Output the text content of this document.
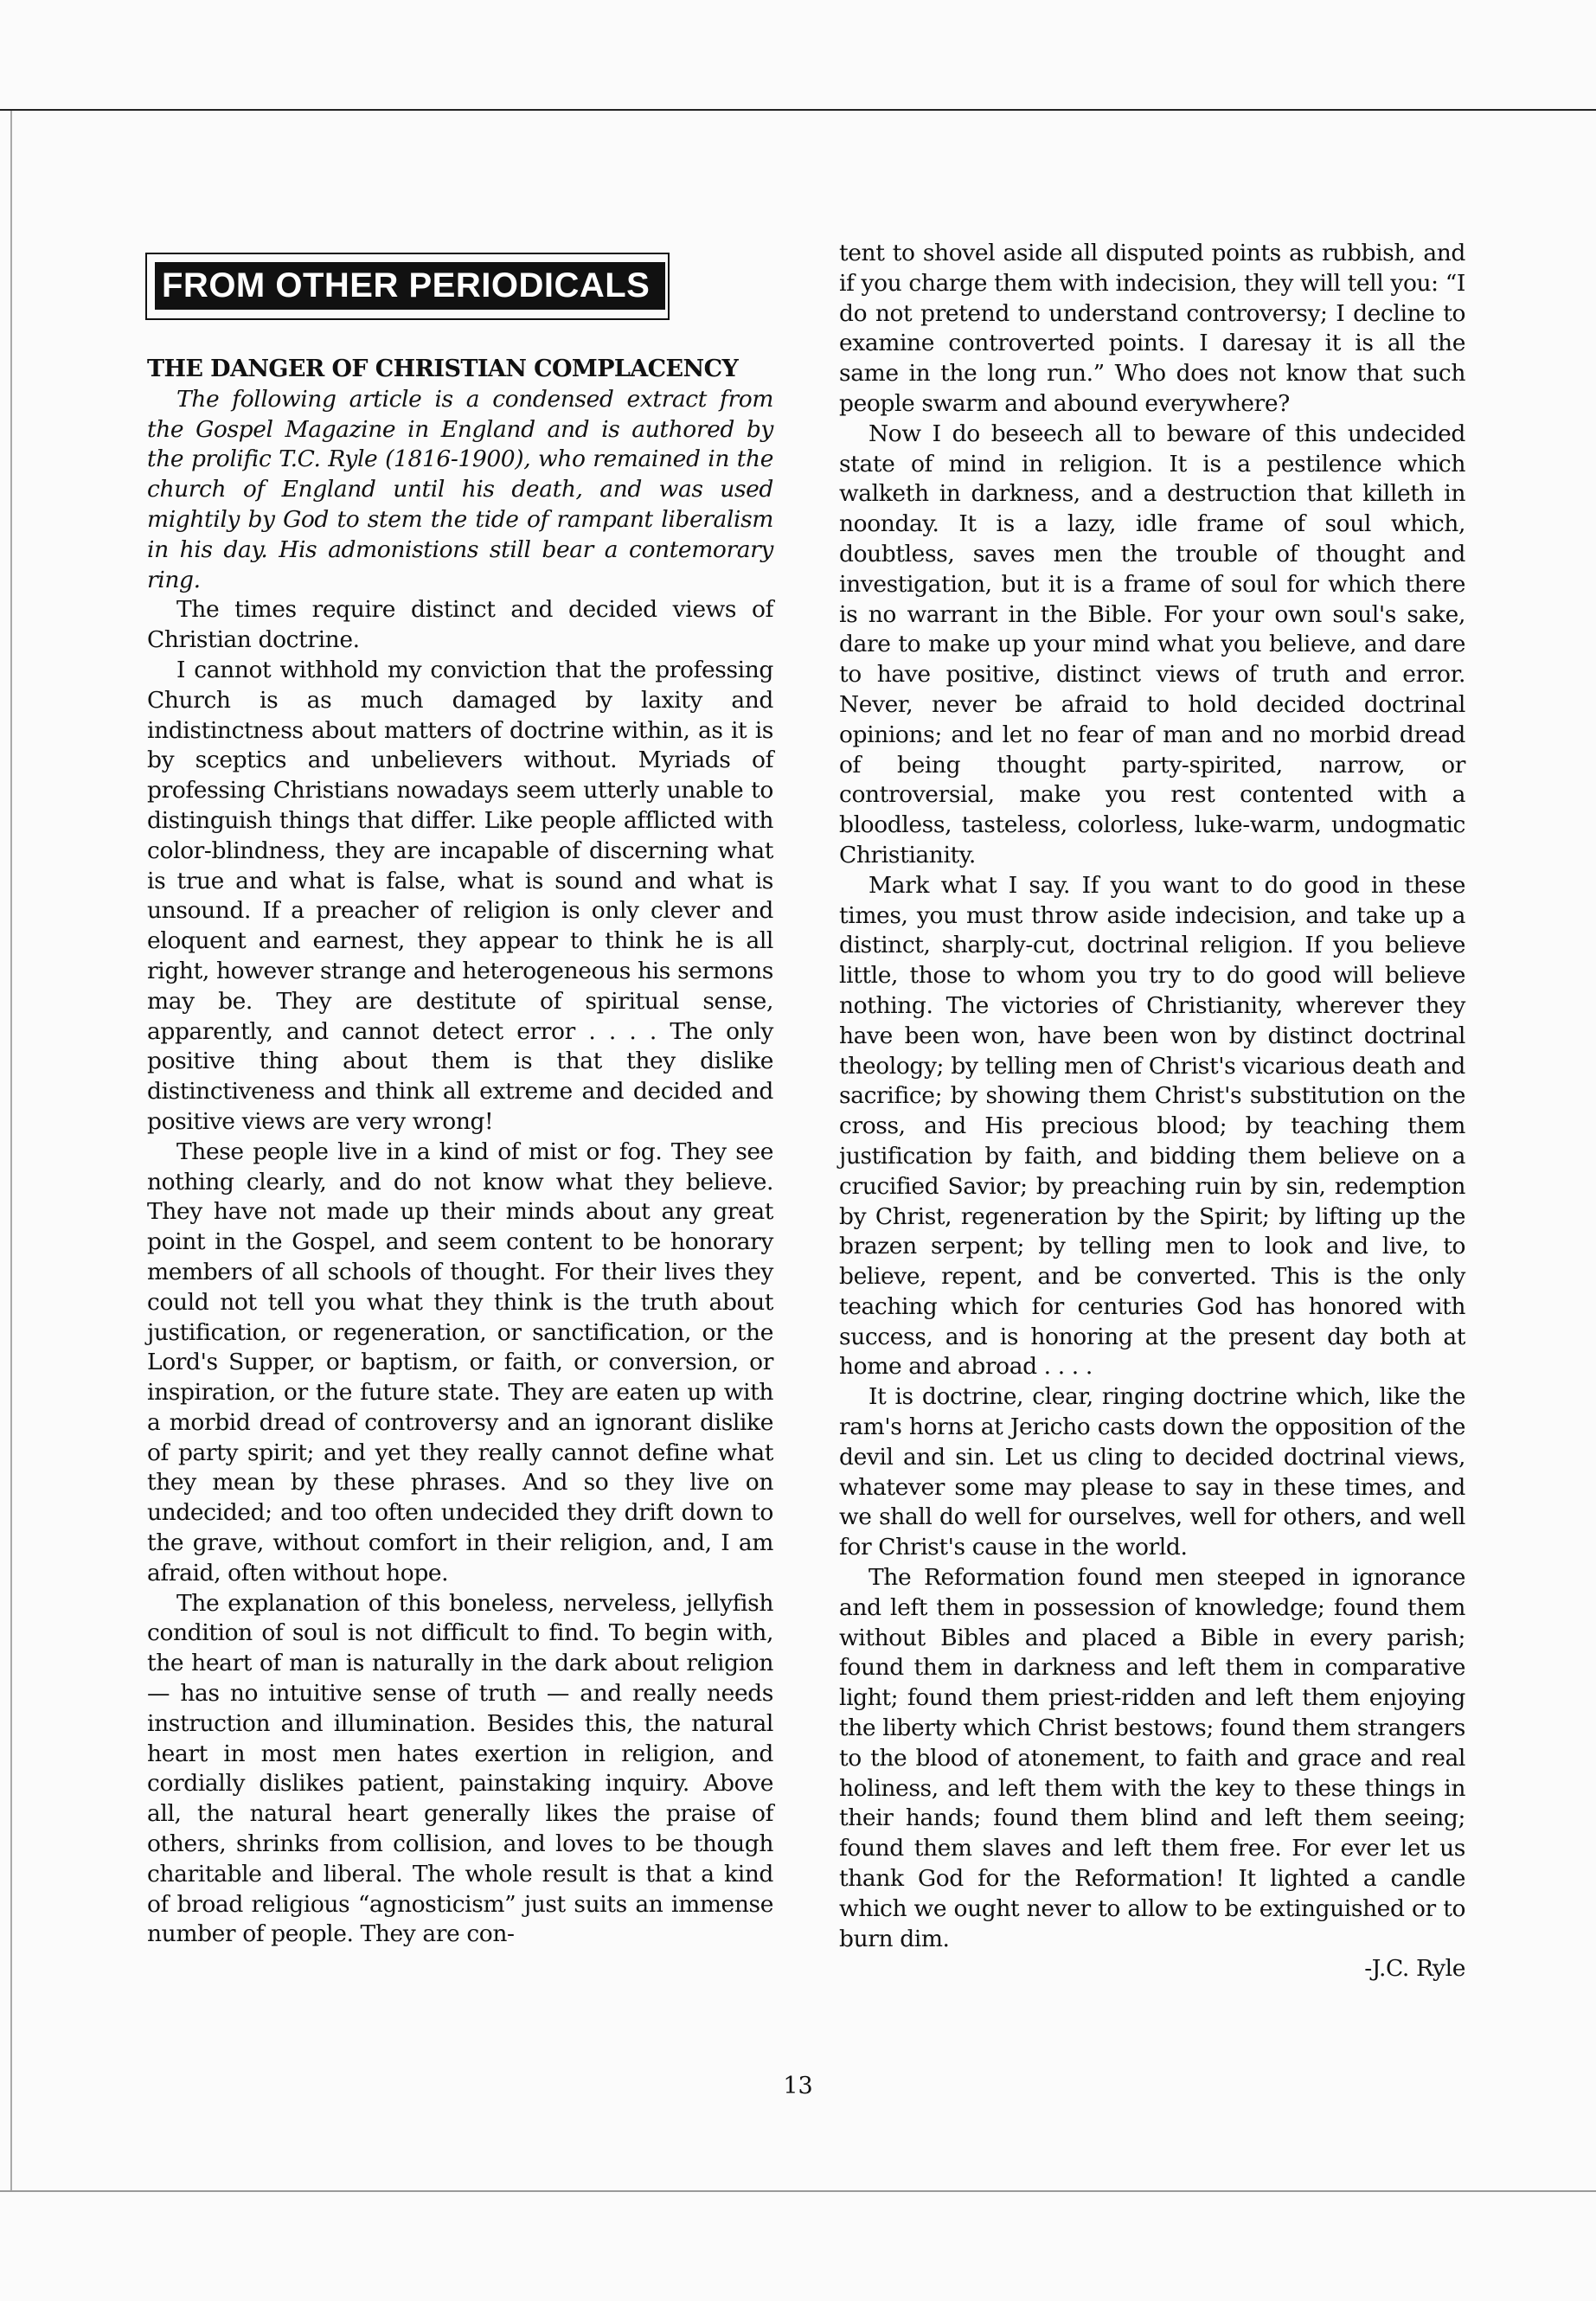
FROM OTHER PERIODICALS
THE DANGER OF CHRISTIAN COMPLACENCY

The following article is a condensed extract from the Gospel Magazine in England and is authored by the prolific T.C. Ryle (1816-1900), who remained in the church of England until his death, and was used mightily by God to stem the tide of rampant liberalism in his day. His admonistions still bear a contemorary ring.

The times require distinct and decided views of Christian doctrine.

I cannot withhold my conviction that the professing Church is as much damaged by laxity and indistinctness about matters of doctrine within, as it is by sceptics and unbelievers without. Myriads of professing Christians nowadays seem utterly unable to distinguish things that differ. Like people afflicted with color-blindness, they are incapable of discerning what is true and what is false, what is sound and what is unsound. If a preacher of religion is only clever and eloquent and earnest, they appear to think he is all right, however strange and heterogeneous his sermons may be. They are destitute of spiritual sense, apparently, and cannot detect error . . . . The only positive thing about them is that they dislike distinctiveness and think all extreme and decided and positive views are very wrong!

These people live in a kind of mist or fog. They see nothing clearly, and do not know what they believe. They have not made up their minds about any great point in the Gospel, and seem content to be honorary members of all schools of thought. For their lives they could not tell you what they think is the truth about justification, or regeneration, or sanctification, or the Lord's Supper, or baptism, or faith, or conversion, or inspiration, or the future state. They are eaten up with a morbid dread of controversy and an ignorant dislike of party spirit; and yet they really cannot define what they mean by these phrases. And so they live on undecided; and too often undecided they drift down to the grave, without comfort in their religion, and, I am afraid, often without hope.

The explanation of this boneless, nerveless, jellyfish condition of soul is not difficult to find. To begin with, the heart of man is naturally in the dark about religion — has no intuitive sense of truth — and really needs instruction and illumination. Besides this, the natural heart in most men hates exertion in religion, and cordially dislikes patient, painstaking inquiry. Above all, the natural heart generally likes the praise of others, shrinks from collision, and loves to be though charitable and liberal. The whole result is that a kind of broad religious “agnosticism” just suits an immense number of people. They are con-

tent to shovel aside all disputed points as rubbish, and if you charge them with indecision, they will tell you: “I do not pretend to understand controversy; I decline to examine controverted points. I daresay it is all the same in the long run.” Who does not know that such people swarm and abound everywhere?

Now I do beseech all to beware of this undecided state of mind in religion. It is a pestilence which walketh in darkness, and a destruction that killeth in noonday. It is a lazy, idle frame of soul which, doubtless, saves men the trouble of thought and investigation, but it is a frame of soul for which there is no warrant in the Bible. For your own soul's sake, dare to make up your mind what you believe, and dare to have positive, distinct views of truth and error. Never, never be afraid to hold decided doctrinal opinions; and let no fear of man and no morbid dread of being thought party-spirited, narrow, or controversial, make you rest contented with a bloodless, tasteless, colorless, luke-warm, undogmatic Christianity.

Mark what I say. If you want to do good in these times, you must throw aside indecision, and take up a distinct, sharply-cut, doctrinal religion. If you believe little, those to whom you try to do good will believe nothing. The victories of Christianity, wherever they have been won, have been won by distinct doctrinal theology; by telling men of Christ's vicarious death and sacrifice; by showing them Christ's substitution on the cross, and His precious blood; by teaching them justification by faith, and bidding them believe on a crucified Savior; by preaching ruin by sin, redemption by Christ, regeneration by the Spirit; by lifting up the brazen serpent; by telling men to look and live, to believe, repent, and be converted. This is the only teaching which for centuries God has honored with success, and is honoring at the present day both at home and abroad . . . .

It is doctrine, clear, ringing doctrine which, like the ram's horns at Jericho casts down the opposition of the devil and sin. Let us cling to decided doctrinal views, whatever some may please to say in these times, and we shall do well for ourselves, well for others, and well for Christ's cause in the world.

The Reformation found men steeped in ignorance and left them in possession of knowledge; found them without Bibles and placed a Bible in every parish; found them in darkness and left them in comparative light; found them priest-ridden and left them enjoying the liberty which Christ bestows; found them strangers to the blood of atonement, to faith and grace and real holiness, and left them with the key to these things in their hands; found them blind and left them seeing; found them slaves and left them free. For ever let us thank God for the Reformation! It lighted a candle which we ought never to allow to be extinguished or to burn dim.

-J.C. Ryle

13
